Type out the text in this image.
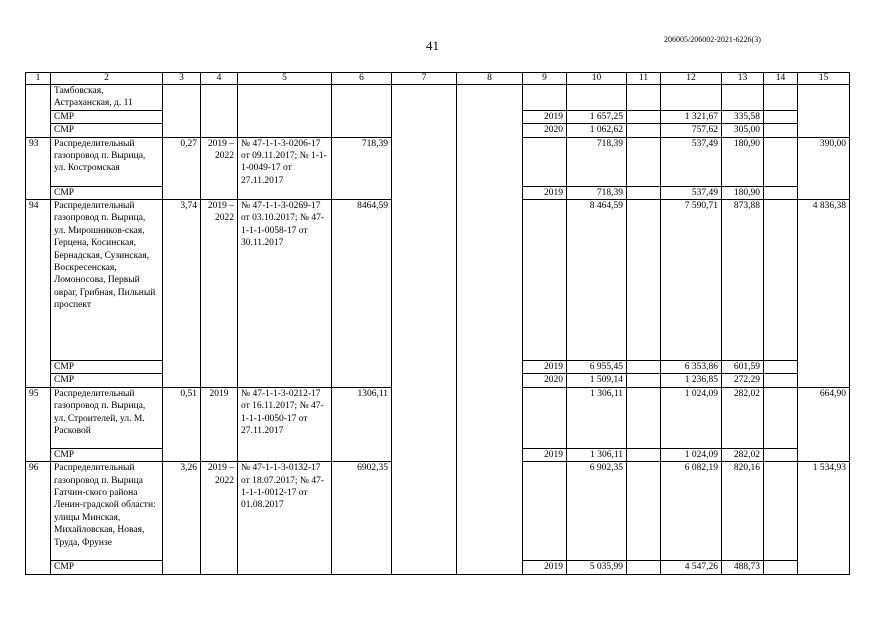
41	206005/206002-2021-6226(3)
1	2	3	4	5	6	7	8	9	10	11	12	13	14	15
	Тамбовская, Астраханская, д. 11													
	СМР							2019	1 657,25		1 321,67	335,58		
	СМР							2020	1 062,62		757,62	305,00		
93	Распределительный газопровод п. Вырица, ул. Костромская	0,27	2019 – 2022	№ 47-1-1-3-0206-17 от 09.11.2017; № 1-1-1-0049-17 от 27.11.2017	718,39				718,39		537,49	180,90		390,00
	СМР							2019	718,39		537,49	180,90		
94	Распределительный газопровод п. Вырица, ул. Мирошников-ская, Герцена, Косинская, Бернадская, Сузинская, Воскресенская, Ломоносова, Первый овраг, Грибная, Пильный проспект	3,74	2019 – 2022	№ 47-1-1-3-0269-17 от 03.10.2017; № 47-1-1-1-0058-17 от 30.11.2017	8464,59				8 464,59		7 590,71	873,88		4 836,38
	СМР							2019	6 955,45		6 353,86	601,59		
	СМР							2020	1 509,14		1 236,85	272,29		
95	Распределительный газопровод п. Вырица, ул. Строителей, ул. М. Расковой	0,51	2019	№ 47-1-1-3-0212-17 от 16.11.2017; № 47-1-1-1-0050-17 от 27.11.2017	1306,11				1 306,11		1 024,09	282,02		664,90
	СМР							2019	1 306,11		1 024,09	282,02		
96	Распределительный газопровод п. Вырица Гатчин-ского района Ленин-градской области: улицы Минская, Михайловская, Новая, Труда, Фрунзе	3,26	2019 – 2022	№ 47-1-1-3-0132-17 от 18.07.2017; № 47-1-1-1-0012-17 от 01.08.2017	6902,35				6 902,35		6 082,19	820,16		1 534,93
	СМР							2019	5 035,99		4 547,26	488,73		
